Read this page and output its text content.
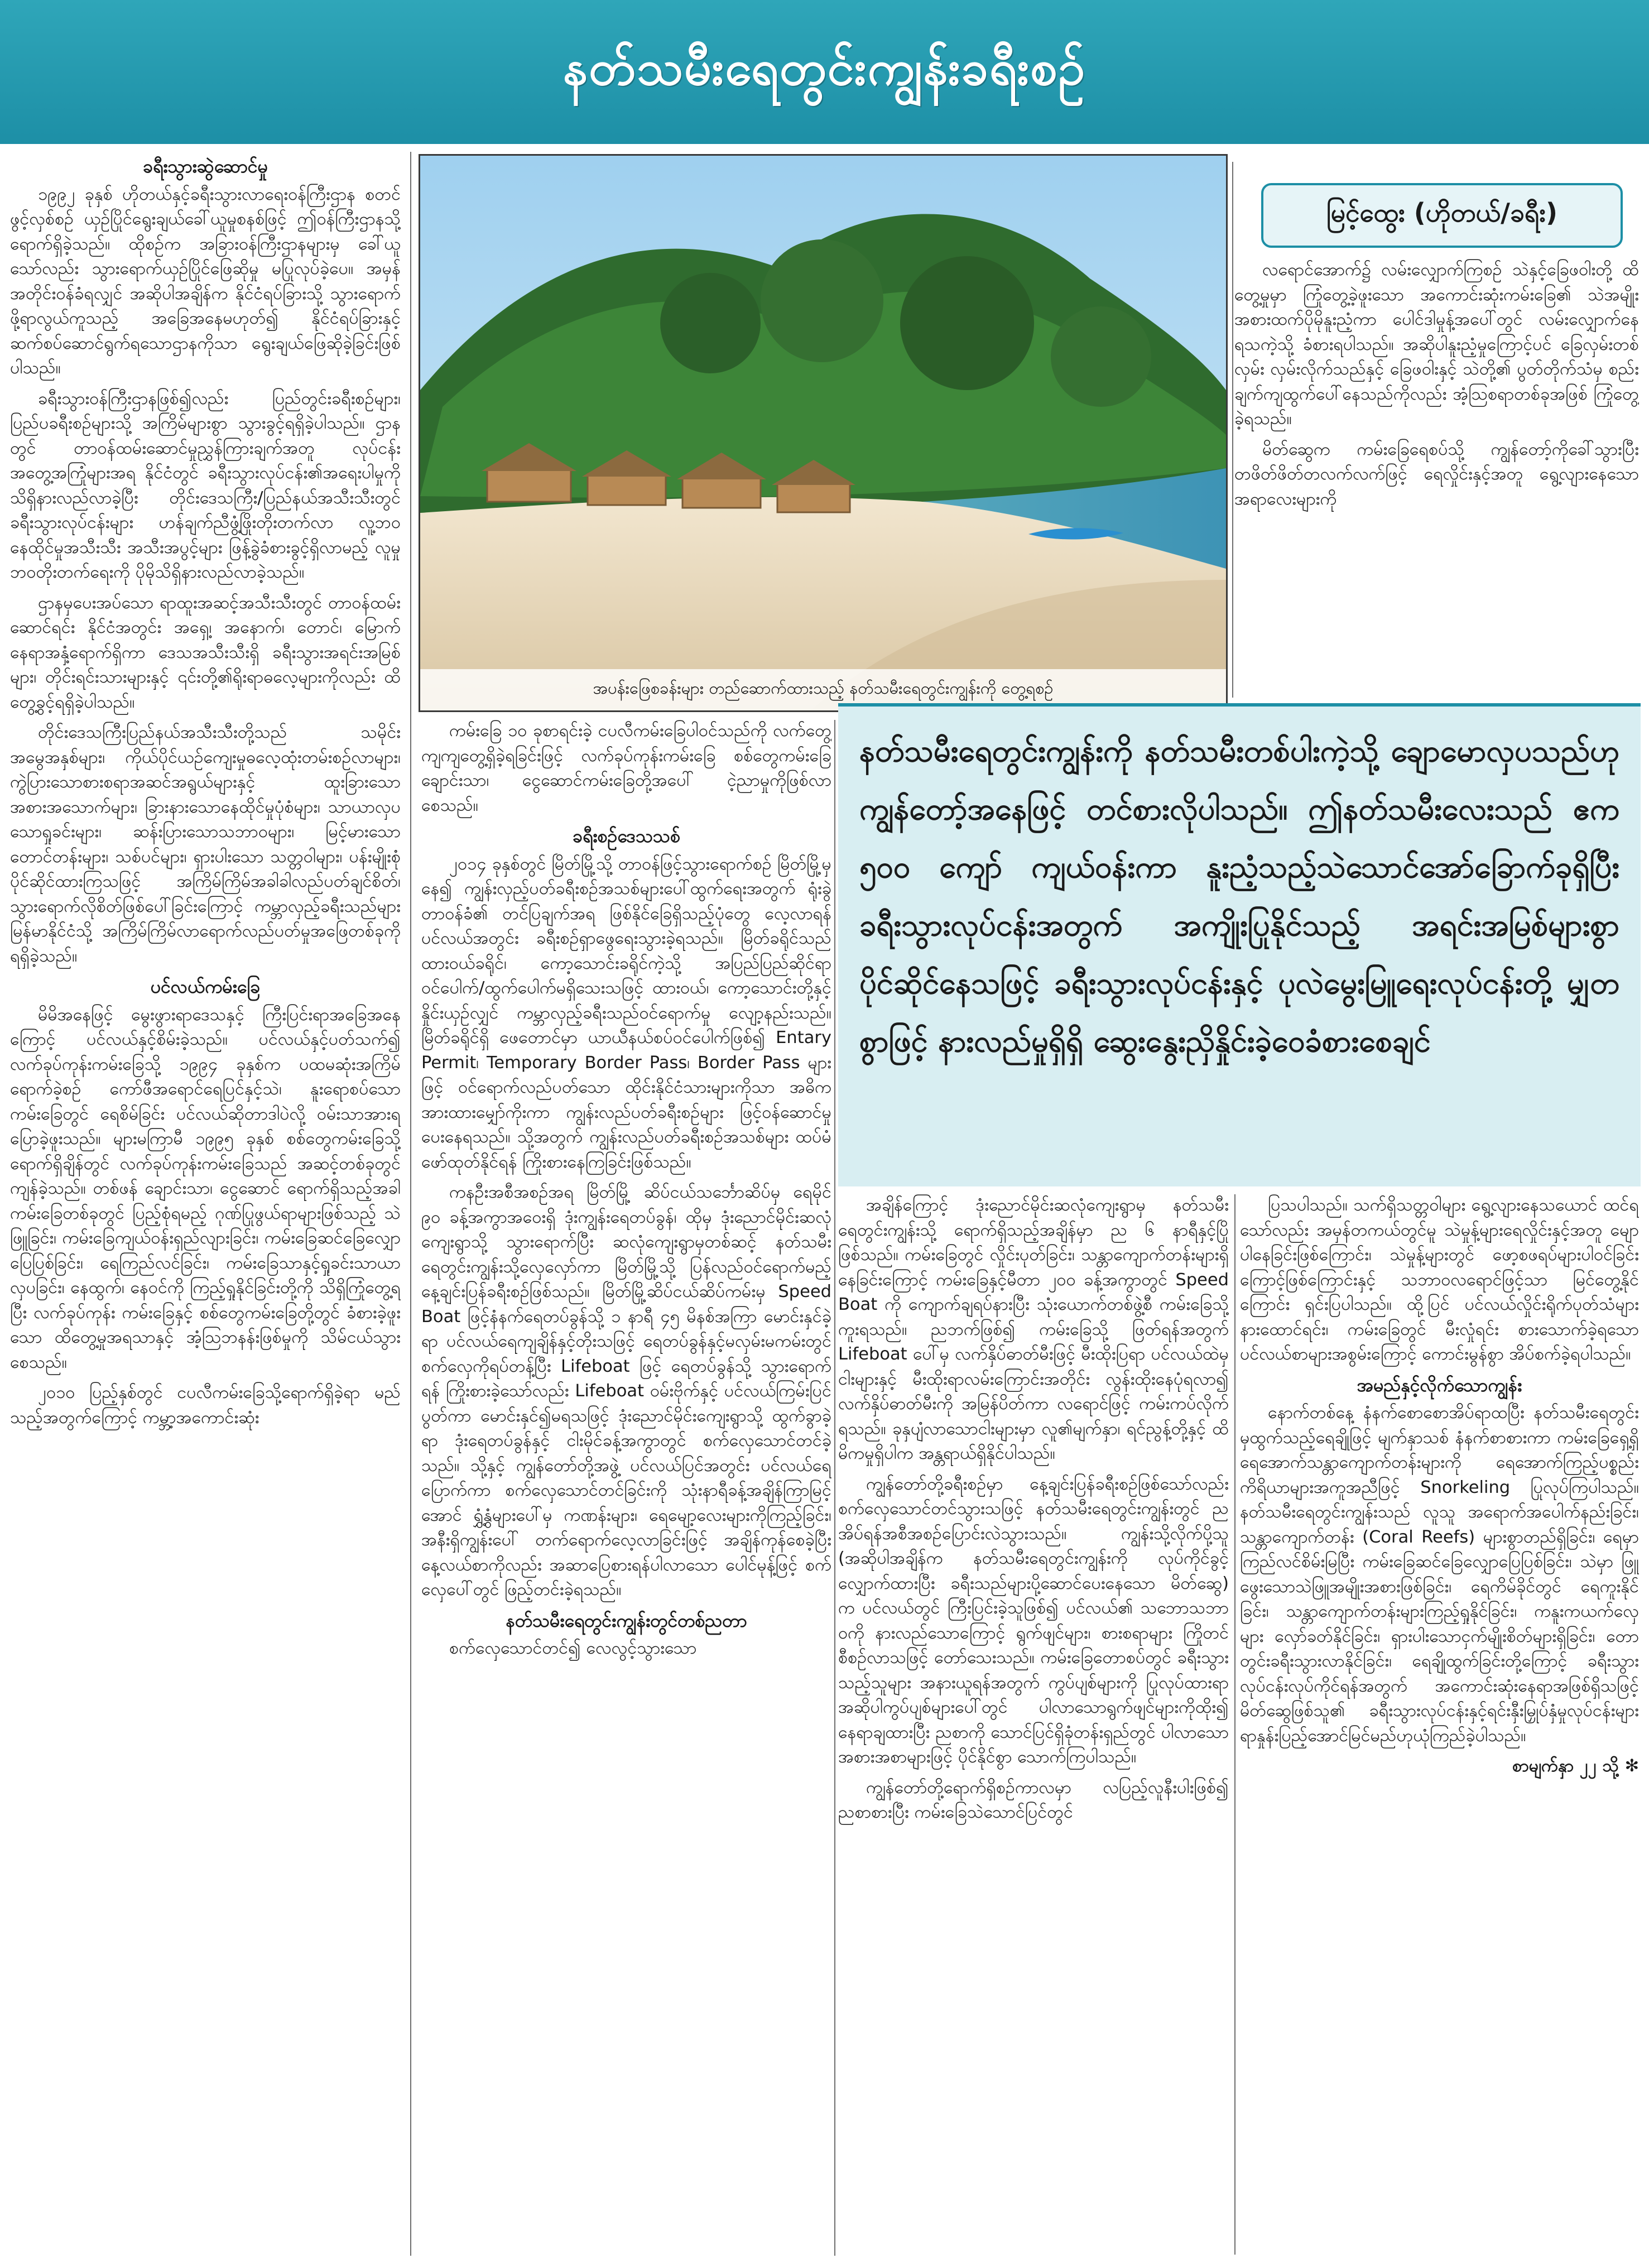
နတ်သမီးရေတွင်းကျွန်းခရီးစဉ်
ခရီးသွားဆွဲဆောင်မှု

၁၉၉၂ ခုနှစ် ဟိုတယ်နှင့်ခရီးသွားလာရေးဝန်ကြီးဌာန စတင်ဖွင့်လှစ်စဉ် ယှဉ်ပြိုင်ရွေးချယ်ခေါ်ယူမှုစနစ်ဖြင့် ဤဝန်ကြီးဌာနသို့ ရောက်ရှိခဲ့သည်။ ထိုစဉ်က အခြားဝန်ကြီးဌာနများမှ ခေါ်ယူသော်လည်း သွားရောက်ယှဉ်ပြိုင်ဖြေဆိုမှု မပြုလုပ်ခဲ့ပေ။ အမှန်အတိုင်းဝန်ခံရလျှင် အဆိုပါအချိန်က နိုင်ငံရပ်ခြားသို့ သွားရောက်ဖို့ရာလွယ်ကူသည့် အခြေအနေမဟုတ်၍ နိုင်ငံရပ်ခြားနှင့် ဆက်စပ်ဆောင်ရွက်ရသောဌာနကိုသာ ရွေးချယ်ဖြေဆိုခဲ့ခြင်းဖြစ်ပါသည်။

ခရီးသွားဝန်ကြီးဌာနဖြစ်၍လည်း ပြည်တွင်းခရီးစဉ်များ၊ ပြည်ပခရီးစဉ်များသို့ အကြိမ်များစွာ သွားခွင့်ရရှိခဲ့ပါသည်။ ဌာနတွင် တာဝန်ထမ်းဆောင်မှုညွှန်ကြားချက်အတူ လုပ်ငန်းအတွေ့အကြုံများအရ နိုင်ငံတွင် ခရီးသွားလုပ်ငန်း၏အရေးပါမှုကို သိရှိနားလည်လာခဲ့ပြီး တိုင်းဒေသကြီး/ပြည်နယ်အသီးသီးတွင် ခရီးသွားလုပ်ငန်းများ ဟန်ချက်ညီဖွံ့ဖြိုးတိုးတက်လာ လူ့ဘဝနေထိုင်မှုအသီးသီး အသီးအပွင့်များ ဖြန့်ခွဲခံစားခွင့်ရှိလာမည့် လူမှုဘဝတိုးတက်ရေးကို ပိုမိုသိရှိနားလည်လာခဲ့သည်။

ဌာနမှပေးအပ်သော ရာထူးအဆင့်အသီးသီးတွင် တာဝန်ထမ်းဆောင်ရင်း နိုင်ငံအတွင်း အရှေ့၊ အနောက်၊ တောင်၊ မြောက် နေရာအနှံ့ရောက်ရှိကာ ဒေသအသီးသီးရှိ ခရီးသွားအရင်းအမြစ်များ၊ တိုင်းရင်းသားများနှင့် ၎င်းတို့၏ရိုးရာဓလေ့များကိုလည်း ထိတွေ့ခွင့်ရရှိခဲ့ပါသည်။

တိုင်းဒေသကြီးပြည်နယ်အသီးသီးတို့သည် သမိုင်းအမွေအနှစ်များ၊ ကိုယ်ပိုင်ယဉ်ကျေးမှုဓလေ့ထုံးတမ်းစဉ်လာများ၊ ကွဲပြားသောစားစရာအဆင်အရွယ်များနှင့် ထူးခြားသောအစားအသောက်များ၊ ခြားနားသောနေထိုင်မှုပုံစံများ၊ သာယာလှပသောရှုခင်းများ၊ ဆန်းပြားသောသဘာဝများ၊ မြင့်မားသောတောင်တန်းများ၊ သစ်ပင်များ၊ ရှားပါးသော သတ္တဝါများ၊ ပန်းမျိုးစုံ ပိုင်ဆိုင်ထားကြသဖြင့် အကြိမ်ကြိမ်အခါခါလည်ပတ်ချင်စိတ်၊ သွားရောက်လိုစိတ်ဖြစ်ပေါ်ခြင်းကြောင့် ကမ္ဘာလှည့်ခရီးသည်များ မြန်မာနိုင်ငံသို့ အကြိမ်ကြိမ်လာရောက်လည်ပတ်မှုအဖြေတစ်ခုကိုရရှိခဲ့သည်။

ပင်လယ်ကမ်းခြေ

မိမိအနေဖြင့် မွေးဖွားရာဒေသနှင့် ကြီးပြင်းရာအခြေအနေကြောင့် ပင်လယ်နှင့်စိမ်းခဲ့သည်။ ပင်လယ်နှင့်ပတ်သက်၍ လက်ခုပ်ကုန်းကမ်းခြေသို့ ၁၉၉၄ ခုနှစ်က ပထမဆုံးအကြိမ်ရောက်ခဲ့စဉ် ကော်ဖီအရောင်ရေပြင်နှင့်သဲ၊ နူးရောစပ်သောကမ်းခြေတွင် ရေစိမ်ခြင်း ပင်လယ်ဆိုတာဒါပဲလို့ ဝမ်းသာအားရပြောခဲ့ဖူးသည်။ များမကြာမီ ၁၉၉၅ ခုနှစ် စစ်တွေကမ်းခြေသို့ ရောက်ရှိချိန်တွင် လက်ခုပ်ကုန်းကမ်းခြေသည် အဆင့်တစ်ခုတွင် ကျန်ခဲ့သည်။ တစ်ဖန် ချောင်းသာ၊ ငွေဆောင် ရောက်ရှိသည့်အခါ ကမ်းခြေတစ်ခုတွင် ပြည့်စုံရမည့် ဂုဏ်ပြုဖွယ်ရာများဖြစ်သည့် သဲဖြူခြင်း၊ ကမ်းခြေကျယ်ဝန်းရှည်လျားခြင်း၊ ကမ်းခြေဆင်ခြေလျှောပြေပြစ်ခြင်း၊ ရေကြည်လင်ခြင်း၊ ကမ်းခြေသာနှင့်ရှုခင်းသာယာလှပခြင်း၊ နေထွက်၊ နေဝင်ကို ကြည့်ရှုနိုင်ခြင်းတို့ကို သိရှိကြုံတွေ့ရပြီး လက်ခုပ်ကုန်း ကမ်းခြေနှင့် စစ်တွေကမ်းခြေတို့တွင် ခံစားခဲ့ဖူးသော ထိတွေ့မှုအရသာနှင့် အံ့သြဘနန်းဖြစ်မှုကို သိမ်ငယ်သွားစေသည်။

၂၀၁၀ ပြည့်နှစ်တွင် ငပလီကမ်းခြေသို့ရောက်ရှိခဲ့ရာ မည်သည့်အတွက်ကြောင့် ကမ္ဘာ့အကောင်းဆုံး

အပန်းဖြေစခန်းများ တည်ဆောက်ထားသည့် နတ်သမီးရေတွင်းကျွန်းကို တွေ့ရစဉ်
မြင့်ထွေး (ဟိုတယ်/ခရီး)

လရောင်အောက်၌ လမ်းလျှောက်ကြစဉ် သဲနှင့်ခြေဖဝါးတို့ ထိတွေ့မှုမှာ ကြုံတွေ့ခဲ့ဖူးသော အကောင်းဆုံးကမ်းခြေ၏ သဲအမျိုးအစားထက်ပိုမိုနူးညံ့ကာ ပေါင်ဒါမှုန့်အပေါ်တွင် လမ်းလျှောက်နေရသကဲ့သို့ ခံစားရပါသည်။ အဆိုပါနူးညံ့မှုကြောင့်ပင် ခြေလှမ်းတစ်လှမ်း လှမ်းလိုက်သည်နှင့် ခြေဖဝါးနှင့် သဲတို့၏ ပွတ်တိုက်သံမှ စည်းချက်ကျထွက်ပေါ်နေသည်ကိုလည်း အံ့သြစရာတစ်ခုအဖြစ် ကြုံတွေ့ခဲ့ရသည်။

မိတ်ဆွေက ကမ်းခြေရေစပ်သို့ ကျွန်တော့်ကိုခေါ်သွားပြီး တဖိတ်ဖိတ်တလက်လက်ဖြင့် ရေလှိုင်းနှင့်အတူ ရွေ့လျားနေသောအရာလေးများကို

ကမ်းခြေ ၁၀ ခုစာရင်းခဲ့ ငပလီကမ်းခြေပါဝင်သည်ကို လက်တွေ့ကျကျတွေ့ရှိခဲ့ရခြင်းဖြင့် လက်ခုပ်ကုန်းကမ်းခြေ စစ်တွေကမ်းခြေ ချောင်းသာ၊ ငွေဆောင်ကမ်းခြေတို့အပေါ် ငဲ့ညာမှုကိုဖြစ်လာစေသည်။

ခရီးစဉ်ဒေသသစ်

၂၀၁၄ ခုနှစ်တွင် မြိတ်မြို့သို့ တာဝန်ဖြင့်သွားရောက်စဉ် မြိတ်မြို့မှနေ၍ ကျွန်းလှည့်ပတ်ခရီးစဉ်အသစ်များပေါ်ထွက်ရေးအတွက် ရုံးခွဲတာဝန်ခံ၏ တင်ပြချက်အရ ဖြစ်နိုင်ခြေရှိသည့်ပုံတွေ လေ့လာရန် ပင်လယ်အတွင်း ခရီးစဉ်ရှာဖွေရေးသွားခဲ့ရသည်။ မြိတ်ခရိုင်သည် ထားဝယ်ခရိုင်၊ ကော့သောင်းခရိုင်ကဲ့သို့ အပြည်ပြည်ဆိုင်ရာဝင်ပေါက်/ထွက်ပေါက်မရှိသေးသဖြင့် ထားဝယ်၊ ကော့သောင်းတို့နှင့် နှိုင်းယှဉ်လျှင် ကမ္ဘာလှည့်ခရီးသည်ဝင်ရောက်မှု လျော့နည်းသည်။ မြိတ်ခရိုင်ရှိ ဖေတောင်မှာ ယာယီနယ်စပ်ဝင်ပေါက်ဖြစ်၍ Entary Permit၊ Temporary Border Pass၊ Border Pass များဖြင့် ဝင်ရောက်လည်ပတ်သော ထိုင်းနိုင်ငံသားများကိုသာ အဓိက အားထားမျှော်ကိုးကာ ကျွန်းလည်ပတ်ခရီးစဉ်များ ဖြင့်ဝန်ဆောင်မှုပေးနေရသည်။ သို့အတွက် ကျွန်းလည်ပတ်ခရီးစဉ်အသစ်များ ထပ်မံဖော်ထုတ်နိုင်ရန် ကြိုးစားနေကြခြင်းဖြစ်သည်။

ကနဦးအစီအစဉ်အရ မြိတ်မြို့ ဆိပ်ငယ်သင်္ဘောဆိပ်မှ ရေမိုင် ၉၀ ခန့်အကွာအဝေးရှိ ဒုံးကျွန်းရေတပ်ခွန်၊ ထိုမှ ဒုံးညောင်မိုင်းဆလုံကျေးရွာသို့ သွားရောက်ပြီး ဆလုံကျေးရွာမှတစ်ဆင့် နတ်သမီးရေတွင်းကျွန်းသို့လှေလှော်ကာ မြိတ်မြို့သို့ ပြန်လည်ဝင်ရောက်မည့် နေ့ချင်းပြန်ခရီးစဉ်ဖြစ်သည်။ မြိတ်မြို့ဆိပ်ငယ်ဆိပ်ကမ်းမှ Speed Boat ဖြင့်နံနက်ရေတပ်ခွန်သို့ ၁ နာရီ ၄၅ မိနစ်အကြာ မောင်းနှင်ခဲ့ရာ ပင်လယ်ရေကျချိန်နှင့်တိုးသဖြင့် ရေတပ်ခွန်နှင့်မလှမ်းမကမ်းတွင် စက်လှေကိုရပ်တန့်ပြီး Lifeboat ဖြင့် ရေတပ်ခွန်သို့ သွားရောက်ရန် ကြိုးစားခဲ့သော်လည်း Lifeboat ဝမ်းဗိုက်နှင့် ပင်လယ်ကြမ်းပြင်ပွတ်ကာ မောင်းနှင်၍မရသဖြင့် ဒုံးညောင်မိုင်းကျေးရွာသို့ ထွက်ခွာခဲ့ရာ ဒုံးရေတပ်ခွန်နှင့် ငါးမိုင်ခန့်အကွာတွင် စက်လှေသောင်တင်ခဲ့သည်။ သို့နှင့် ကျွန်တော်တို့အဖွဲ့ ပင်လယ်ပြင်အတွင်း ပင်လယ်ရေပြောက်ကာ စက်လှေသောင်တင်ခြင်းကို သုံးနာရီခန့်အချိန်ကြာမြင့်အောင် ရွှံ့နွံများပေါ်မှ ကဏန်းများ၊ ရေမျော့လေးများကိုကြည့်ခြင်း၊ အနီးရှိကျွန်းပေါ် တက်ရောက်လေ့လာခြင်းဖြင့် အချိန်ကုန်စေခဲ့ပြီး နေ့လယ်စာကိုလည်း အဆာပြေစားရန်ပါလာသော ပေါင်မုန့်ဖြင့် စက်လှေပေါ်တွင် ဖြည့်တင်းခဲ့ရသည်။

နတ်သမီးရေတွင်းကျွန်းတွင်တစ်ညတာ

စက်လှေသောင်တင်၍ လေလွင့်သွားသော

နတ်သမီးရေတွင်းကျွန်းကို နတ်သမီးတစ်ပါးကဲ့သို့ ချောမောလှပသည်ဟု ကျွန်တော့်အနေဖြင့် တင်စားလိုပါသည်။ ဤနတ်သမီးလေးသည် ဧက ၅၀၀ ကျော် ကျယ်ဝန်းကာ နူးညံ့သည့်သဲသောင်အော်ခြောက်ခုရှိပြီး ခရီးသွားလုပ်ငန်းအတွက် အကျိုးပြုနိုင်သည့် အရင်းအမြစ်များစွာ ပိုင်ဆိုင်နေသဖြင့် ခရီးသွားလုပ်ငန်းနှင့် ပုလဲမွေးမြူရေးလုပ်ငန်းတို့ မျှတစွာဖြင့် နားလည်မှုရှိရှိ ဆွေးနွေးညှိနှိုင်းခဲ့ဝေခံစားစေချင်

အချိန်ကြောင့် ဒုံးညောင်မိုင်းဆလုံကျေးရွာမှ နတ်သမီးရေတွင်းကျွန်းသို့ ရောက်ရှိသည့်အချိန်မှာ ည ၆ နာရီနှင့်ပြိုဖြစ်သည်။ ကမ်းခြေတွင် လှိုင်းပုတ်ခြင်း၊ သန္တာကျောက်တန်းများရှိနေခြင်းကြောင့် ကမ်းခြေနှင့်မီတာ ၂၀၀ ခန့်အကွာတွင် Speed Boat ကို ကျောက်ချရပ်နားပြီး သုံးယောက်တစ်ဖွဲ့စီ ကမ်းခြေသို့ကူးရသည်။ ညဘက်ဖြစ်၍ ကမ်းခြေသို့ ဖြတ်ရန်အတွက် Lifeboat ပေါ်မှ လက်နှိပ်ဓာတ်မီးဖြင့် မီးထိုးပြရာ ပင်လယ်ထဲမှ ငါးများနှင့် မီးထိုးရာလမ်းကြောင်းအတိုင်း လွန်းထိုးနေပုံရလာ၍ လက်နှိပ်ဓာတ်မီးကို အမြန်ပိတ်ကာ လရောင်ဖြင့် ကမ်းကပ်လိုက်ရသည်။ ခုနှပျံလာသောငါးများမှာ လူ၏မျက်နှာ၊ ရင်ညွန့်တို့နှင့် ထိမိကမှုရှိပါက အန္တရာယ်ရှိနိုင်ပါသည်။

ကျွန်တော်တို့ခရီးစဉ်မှာ နေ့ချင်းပြန်ခရီးစဉ်ဖြစ်သော်လည်း စက်လှေသောင်တင်သွားသဖြင့် နတ်သမီးရေတွင်းကျွန်းတွင် ညအိပ်ရန်အစီအစဉ်ပြောင်းလဲသွားသည်။ ကျွန်းသို့လိုက်ပို့သူ (အဆိုပါအချိန်က နတ်သမီးရေတွင်းကျွန်းကို လုပ်ကိုင်ခွင့်လျှောက်ထားပြီး ခရီးသည်များပို့ဆောင်ပေးနေသော မိတ်ဆွေ) က ပင်လယ်တွင် ကြီးပြင်းခဲ့သူဖြစ်၍ ပင်လယ်၏ သဘောသဘာဝကို နားလည်သောကြောင့် ရွက်ဖျင်များ၊ စားစရာများ ကြိုတင်စီစဉ်လာသဖြင့် တော်သေးသည်။ ကမ်းခြေတောစပ်တွင် ခရီးသွားသည့်သူများ အနားယူရန်အတွက် ကွပ်ပျစ်များကို ပြုလုပ်ထားရာ အဆိုပါကွပ်ပျစ်များပေါ်တွင် ပါလာသောရွက်ဖျင်များကိုထိုး၍ နေရာချထားပြီး ညစာကို သောင်ပြင်ရှိခုံတန်းရှည်တွင် ပါလာသော အစားအစာများဖြင့် ပိုင်နိုင်စွာ သောက်ကြပါသည်။

ကျွန်တော်တို့ရောက်ရှိစဉ်ကာလမှာ လပြည့်လူနီးပါးဖြစ်၍ ညစာစားပြီး ကမ်းခြေသဲသောင်ပြင်တွင်

ပြသပါသည်။ သက်ရှိသတ္တဝါများ ရွေ့လျားနေသယောင် ထင်ရသော်လည်း အမှန်တကယ်တွင်မူ သဲမှုန့်များရေလှိုင်းနှင့်အတူ မျောပါနေခြင်းဖြစ်ကြောင်း၊ သဲမှုန့်များတွင် ဖော့စဖရပ်များပါဝင်ခြင်းကြောင့်ဖြစ်ကြောင်းနှင့် သဘာဝလရောင်ဖြင့်သာ မြင်တွေ့နိုင်ကြောင်း ရှင်းပြပါသည်။ ထို့ပြင် ပင်လယ်လှိုင်းရိုက်ပုတ်သံများ နားထောင်ရင်း၊ ကမ်းခြေတွင် မီးလှုံရင်း စားသောက်ခဲ့ရသော ပင်လယ်စာများအစွမ်းကြောင့် ကောင်းမွန်စွာ အိပ်စက်ခဲ့ရပါသည်။

အမည်နှင့်လိုက်သောကျွန်း

နောက်တစ်နေ့ နံနက်စောစောအိပ်ရာထပြီး နတ်သမီးရေတွင်းမှထွက်သည့်ရေချိုဖြင့် မျက်နှာသစ် နံနက်စာစားကာ ကမ်းခြေရှေ့ရှိ ရေအောက်သန္တာကျောက်တန်းများကို ရေအောက်ကြည့်ပစ္စည်းကိရိယာများအကူအညီဖြင့် Snorkeling ပြုလုပ်ကြပါသည်။ နတ်သမီးရေတွင်းကျွန်းသည် လူသူ အရောက်အပေါက်နည်းခြင်း၊ သန္တာကျောက်တန်း (Coral Reefs) များစွာတည်ရှိခြင်း၊ ရေမှာကြည်လင်စိမ်းမြပြီး ကမ်းခြေဆင်ခြေလျှောပြေပြစ်ခြင်း၊ သဲမှာ ဖြူဖွေးသောသဲဖြူအမျိုးအစားဖြစ်ခြင်း၊ ရေကိမ်ခိုင်တွင် ရေကူးနိုင်ခြင်း၊ သန္တာကျောက်တန်းများကြည့်ရှုနိုင်ခြင်း၊ ကနူးကယက်လှေများ လှော်ခတ်နိုင်ခြင်း၊ ရှားပါးသောငှက်မျိုးစိတ်များရှိခြင်း၊ တောတွင်းခရီးသွားလာနိုင်ခြင်း၊ ရေချိုထွက်ခြင်းတို့ကြောင့် ခရီးသွားလုပ်ငန်းလုပ်ကိုင်ရန်အတွက် အကောင်းဆုံးနေရာအဖြစ်ရှိသဖြင့် မိတ်ဆွေဖြစ်သူ၏ ခရီးသွားလုပ်ငန်းနှင့်ရင်းနှီးမြှုပ်နှံမှုလုပ်ငန်းများ ရာနှုန်းပြည့်အောင်မြင်မည်ဟုယုံကြည်ခဲ့ပါသည်။

စာမျက်နှာ ၂၂ သို့ ✻
